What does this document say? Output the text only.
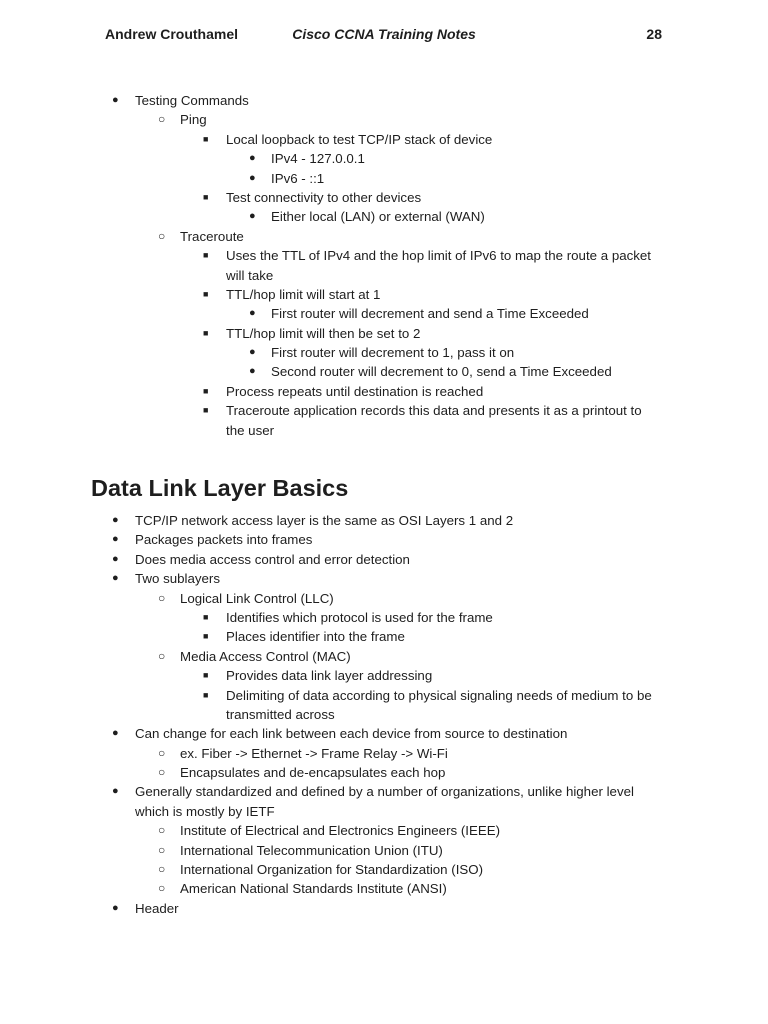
Andrew Crouthamel	Cisco CCNA Training Notes	28
● Testing Commands
○ Ping
■ Local loopback to test TCP/IP stack of device
● IPv4 - 127.0.0.1
● IPv6 - ::1
■ Test connectivity to other devices
● Either local (LAN) or external (WAN)
○ Traceroute
■ Uses the TTL of IPv4 and the hop limit of IPv6 to map the route a packet
will take
■ TTL/hop limit will start at 1
● First router will decrement and send a Time Exceeded
■ TTL/hop limit will then be set to 2
● First router will decrement to 1, pass it on
● Second router will decrement to 0, send a Time Exceeded
■ Process repeats until destination is reached
■ Traceroute application records this data and presents it as a printout to
the user
Data Link Layer Basics
● TCP/IP network access layer is the same as OSI Layers 1 and 2
● Packages packets into frames
● Does media access control and error detection
● Two sublayers
○ Logical Link Control (LLC)
■ Identifies which protocol is used for the frame
■ Places identifier into the frame
○ Media Access Control (MAC)
■ Provides data link layer addressing
■ Delimiting of data according to physical signaling needs of medium to be
transmitted across
● Can change for each link between each device from source to destination
○ ex. Fiber -> Ethernet -> Frame Relay -> Wi-Fi
○ Encapsulates and de-encapsulates each hop
● Generally standardized and defined by a number of organizations, unlike higher level
which is mostly by IETF
○ Institute of Electrical and Electronics Engineers (IEEE)
○ International Telecommunication Union (ITU)
○ International Organization for Standardization (ISO)
○ American National Standards Institute (ANSI)
● Header
